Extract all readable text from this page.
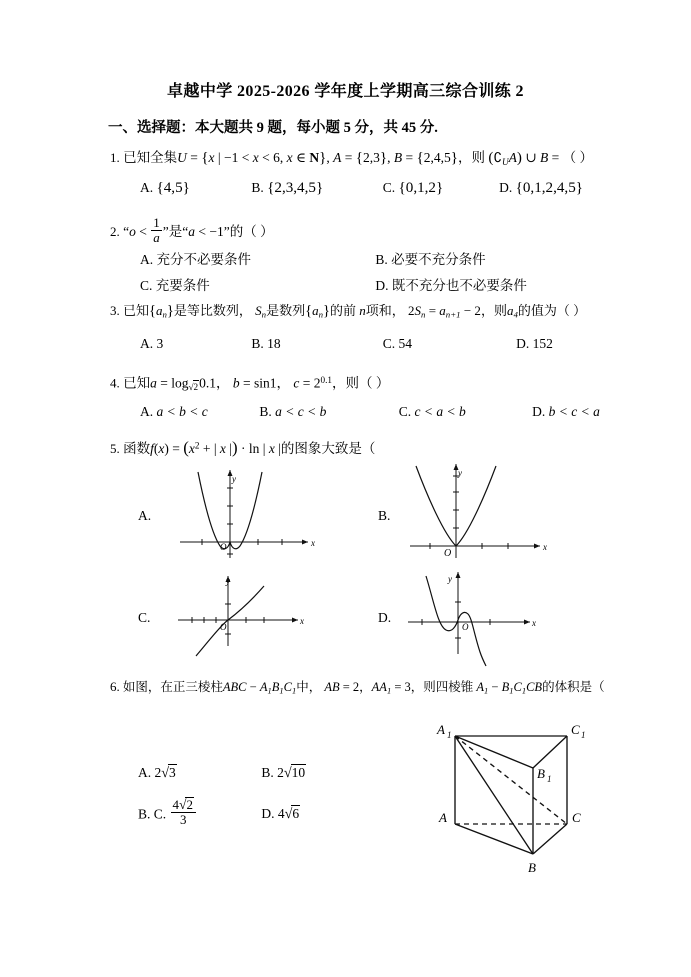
卓越中学 2025-2026 学年度上学期高三综合训练 2
一、选择题：本大题共 9 题，每小题 5 分，共 45 分.
1. 已知全集U = {x | −1 < x < 6, x ∈ N}, A = {2,3}, B = {2,4,5}，则 $(∁_UA)$ ∪ B = （ ）
A. {4,5}	B. {2,3,4,5}	C. {0,1,2}	D. {0,1,2,4,5}
2. “$o < \frac{1}{a}$ ”是“a < −1”的（ ）
A. 充分不必要条件	B. 必要不充分条件
C. 充要条件	D. 既不充分也不必要条件
3. 已知$\{a_n\}$是等比数列， $S_n$是数列$\{a_n\}$的前 n项和， $2S_n = a_{n+1} - 2$，则$a_4$的值为（ ）
A. 3	B. 18	C. 54	D. 152
4. 已知$a = \log_{√2}0.1$， b = sin1， $c = 2^{0.1}$，则（ ）
A. a < b < c	B. a < c < b	C. c < a < b	D. b < c < a
5. 函数$f(x) = (x^2$ + | x |) · ln | x |的图象大致是（
A.
y
x
O
B.
y
x
O
C.
y
x
O
D.
y
x
O
6. 如图，在正三棱柱ABC − $A_1B_1C_1$中， AB = 2，$AA_1 = 3$，则四棱锥 $A_1 - B_1C_1CB$的体积是（
A. 2√3	B. 2√10
B. C. $\frac{4√2}{3}$	D. 4√6
A 1	C 1
B 1
A	C
B
